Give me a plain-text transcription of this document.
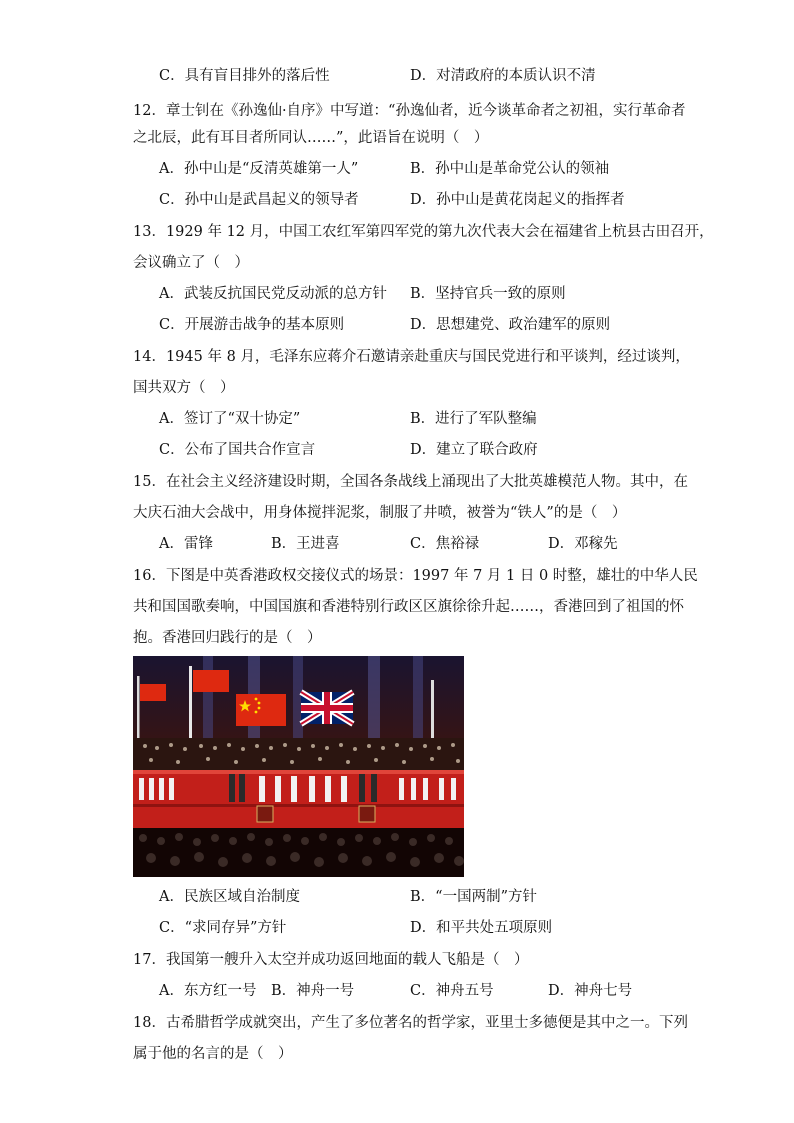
C．具有盲目排外的落后性	D．对清政府的本质认识不清
12．章士钊在《孙逸仙·自序》中写道：“孙逸仙者，近今谈革命者之初祖，实行革命者
之北辰，此有耳目者所同认……”，此语旨在说明（　）
A．孙中山是“反清英雄第一人”	B．孙中山是革命党公认的领袖
C．孙中山是武昌起义的领导者	D．孙中山是黄花岗起义的指挥者
13．1929 年 12 月，中国工农红军第四军党的第九次代表大会在福建省上杭县古田召开，
会议确立了（　）
A．武装反抗国民党反动派的总方针 B．坚持官兵一致的原则
C．开展游击战争的基本原则	D．思想建党、政治建军的原则
14．1945 年 8 月，毛泽东应蒋介石邀请亲赴重庆与国民党进行和平谈判，经过谈判，
国共双方（　）
A．签订了“双十协定”	B．进行了军队整编
C．公布了国共合作宣言	D．建立了联合政府
15．在社会主义经济建设时期，全国各条战线上涌现出了大批英雄模范人物。其中，在
大庆石油大会战中，用身体搅拌泥浆，制服了井喷，被誉为“铁人”的是（　）
A．雷锋	B．王进喜	C．焦裕禄	D．邓稼先
16．下图是中英香港政权交接仪式的场景：1997 年 7 月 1 日 0 时整，雄壮的中华人民
共和国国歌奏响，中国国旗和香港特别行政区区旗徐徐升起……，香港回到了祖国的怀
抱。香港回归践行的是（　）
A．民族区域自治制度	B．“一国两制”方针
C．“求同存异”方针	D．和平共处五项原则
17．我国第一艘升入太空并成功返回地面的载人飞船是（　）
A．东方红一号 B．神舟一号	C．神舟五号	D．神舟七号
18．古希腊哲学成就突出，产生了多位著名的哲学家，亚里士多德便是其中之一。下列
属于他的名言的是（　）
